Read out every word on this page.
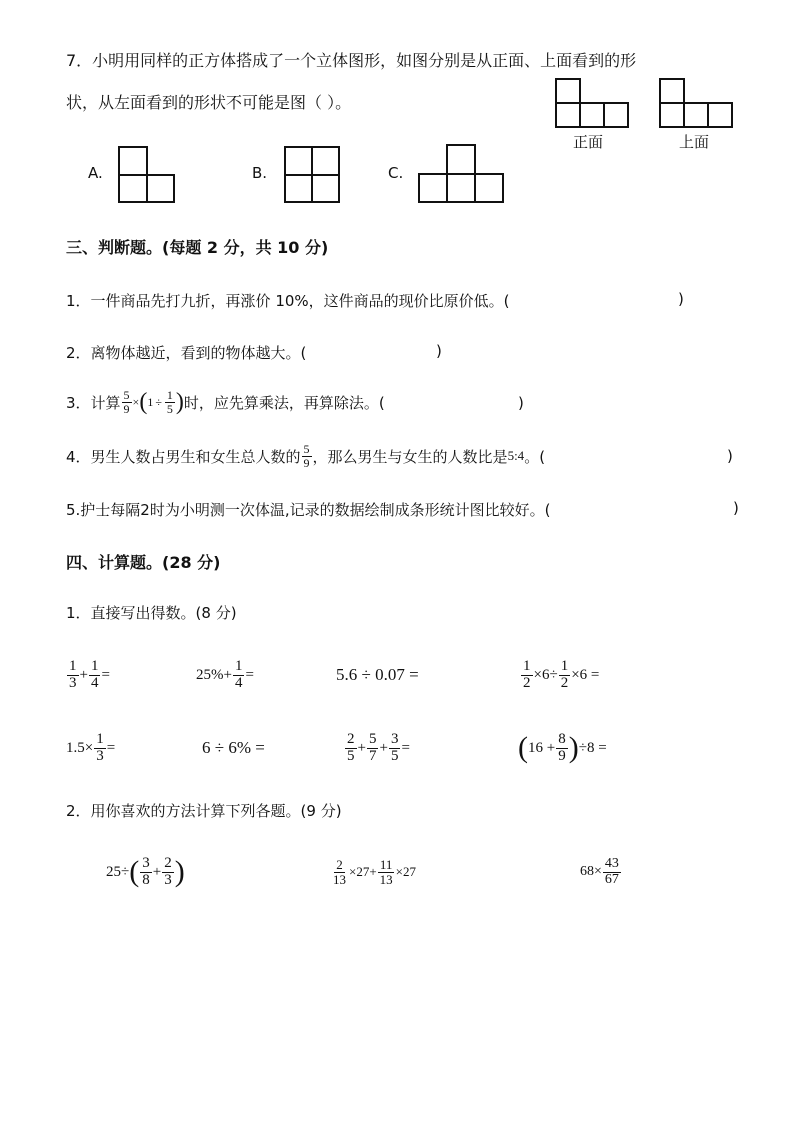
7．小明用同样的正方体搭成了一个立体图形，如图分别是从正面、上面看到的形
状，从左面看到的形状不可能是图（ ）。
正面	上面
A.	B.	C.
三、判断题。(每题 2 分，共 10 分)
1．一件商品先打九折，再涨价 10%，这件商品的现价比原价低。(	)
2．离物体越近，看到的物体越大。(	)
3．计算 $\frac{5}{9}$ × ( $1 \div \frac{1}{5}$ ) 时，应先算乘法，再算除法。(	)
4．男生人数占男生和女生总人数的 $\frac{5}{9}$ ，那么男生与女生的人数比是 5:4 。(	)
5.护士每隔2时为小明测一次体温,记录的数据绘制成条形统计图比较好。(	)
四、计算题。(28 分)
1．直接写出得数。(8 分)
$\frac{1}{3} + \frac{1}{4}$ =	$25\% + \frac{1}{4}$ =	5.6 ÷ 0.07 =	$\frac{1}{2} \times 6\div \frac{1}{2} \times 6$ =
$1.5\times \frac{1}{3}$ =	6 ÷ 6% =	$\frac{2}{5} + \frac{5}{7} + \frac{3}{5}$ =	( $16 + \frac{8}{9}$ ) ÷8 =
2．用你喜欢的方法计算下列各题。(9 分)
25÷ ( $\frac{3}{8} + \frac{2}{3}$ )	$\frac{2}{13} \times 27+ \frac{11}{13} \times 27$	$68\times \frac{43}{67}$
